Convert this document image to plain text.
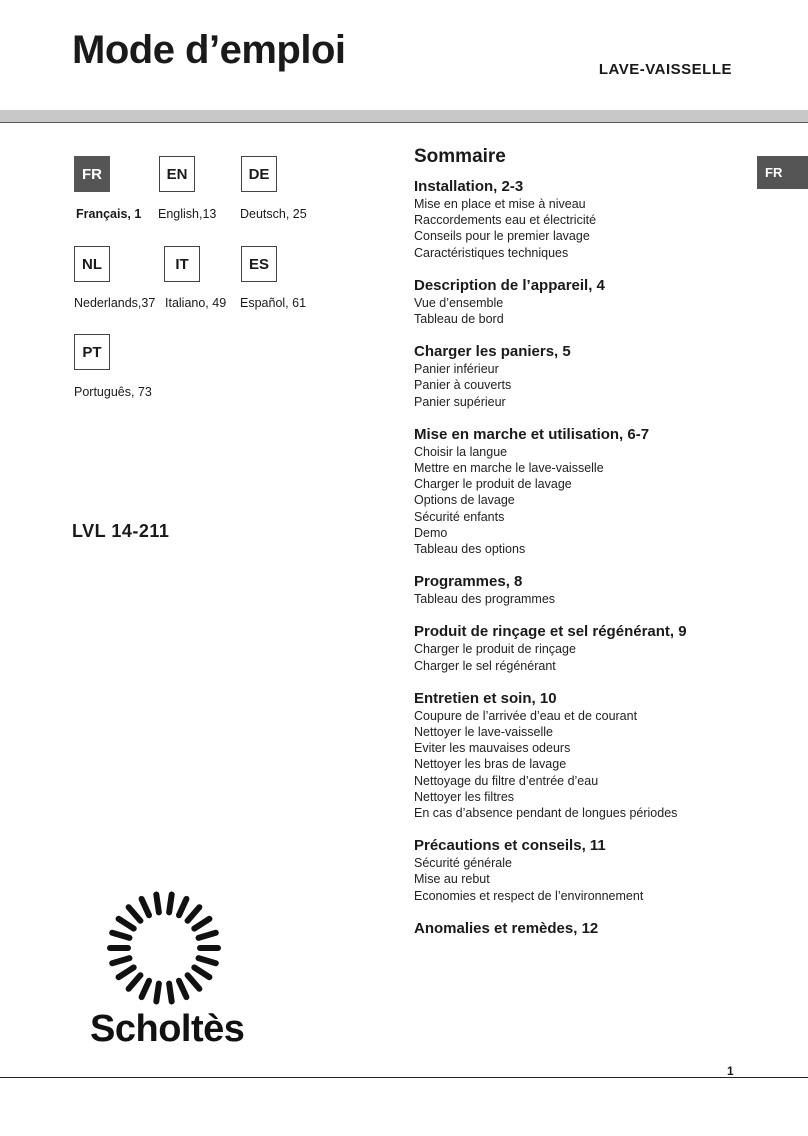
Mode d’emploi	LAVE-VAISSELLE
FR
Français, 1
EN
English,13
DE
Deutsch, 25
NL
Nederlands,37
IT
Italiano, 49
ES
Español, 61
PT
Português, 73
LVL 14-211
FR
Sommaire
Installation, 2-3
Mise en place et mise à niveau
Raccordements eau et électricité
Conseils pour le premier lavage
Caractéristiques techniques
Description de l’appareil, 4
Vue d’ensemble
Tableau de bord
Charger les paniers, 5
Panier inférieur
Panier à couverts
Panier supérieur
Mise en marche et utilisation, 6-7
Choisir la langue
Mettre en marche le lave-vaisselle
Charger le produit de lavage
Options de lavage
Sécurité enfants
Demo
Tableau des options
Programmes, 8
Tableau des programmes
Produit de rinçage et sel régénérant, 9
Charger le produit de rinçage
Charger le sel régénérant
Entretien et soin, 10
Coupure de l’arrivée d’eau et de courant
Nettoyer le lave-vaisselle
Eviter les mauvaises odeurs
Nettoyer les bras de lavage
Nettoyage du filtre d’entrée d’eau
Nettoyer les filtres
En cas d’absence pendant de longues périodes
Précautions et conseils, 11
Sécurité générale
Mise au rebut
Economies et respect de l’environnement
Anomalies et remèdes, 12
Scholtès
1
